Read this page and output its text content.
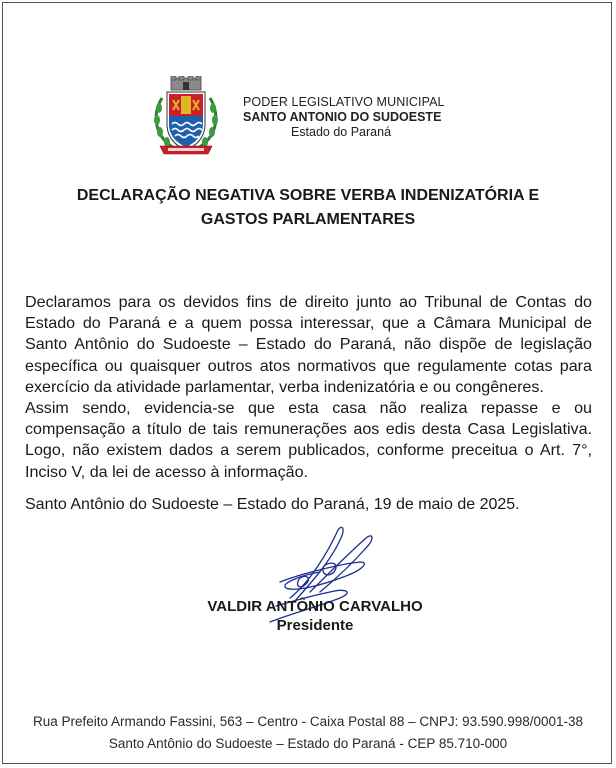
PODER LEGISLATIVO MUNICIPAL
SANTO ANTONIO DO SUDOESTE
Estado do Paraná
DECLARAÇÃO NEGATIVA SOBRE VERBA INDENIZATÓRIA E
GASTOS PARLAMENTARES

Declaramos para os devidos fins de direito junto ao Tribunal de Contas do Estado do Paraná e a quem possa interessar, que a Câmara Municipal de Santo Antônio do Sudoeste – Estado do Paraná, não dispõe de legislação específica ou quaisquer outros atos normativos que regulamente cotas para exercício da atividade parlamentar, verba indenizatória e ou congêneres.

Assim sendo, evidencia-se que esta casa não realiza repasse e ou compensação a título de tais remunerações aos edis desta Casa Legislativa. Logo, não existem dados a serem publicados, conforme preceitua o Art. 7°, Inciso V, da lei de acesso à informação.

Santo Antônio do Sudoeste – Estado do Paraná, 19 de maio de 2025.
VALDIR ANTÔNIO CARVALHO
Presidente
Rua Prefeito Armando Fassini, 563 – Centro - Caixa Postal 88 – CNPJ: 93.590.998/0001-38
Santo Antônio do Sudoeste – Estado do Paraná - CEP 85.710-000
